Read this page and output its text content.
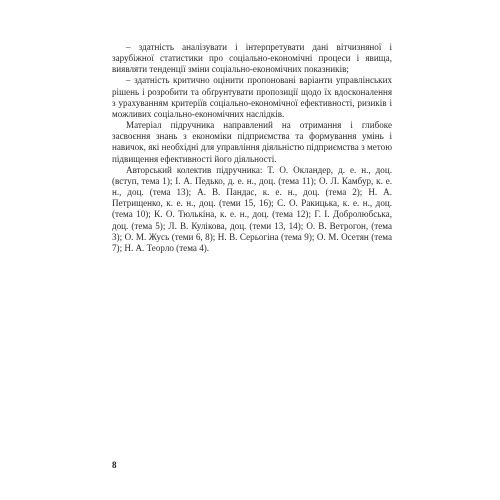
– здатність аналізувати і інтерпретувати дані вітчизняної і зарубіжної статистики про соціально-економічні процеси і явища, виявляти тенденції зміни соціально-економічних показників;

– здатність критично оцінити пропоновані варіанти управлінських рішень і розробити та обґрунтувати пропозиції щодо їх вдосконалення з урахуванням критеріїв соціально-економічної ефективності, ризиків і можливих соціально-економічних наслідків.

Матеріал підручника направлений на отримання і глибоке засвоєння знань з економіки підприємства та формування умінь і навичок, які необхідні для управління діяльністю підприємства з метою підвищення ефективності його діяльності.

Авторський колектив підручника: Т. О. Окландер, д. е. н., доц. (вступ, тема 1); І. А. Педько, д. е. н., доц. (тема 11); О. Л. Камбур, к. е. н., доц. (тема 13); А. В. Пандас, к. е. н., доц. (тема 2); Н. А. Петрищенко, к. е. н., доц. (теми 15, 16); С. О. Ракицька, к. е. н., доц. (тема 10); К. О. Тюлькіна, к. е. н., доц. (тема 12); Г. І. Добролюбська, доц. (тема 5); Л. В. Кулікова, доц. (теми 13, 14); О. В. Ветрогон, (тема 3); О. М. Жусь (теми 6, 8); Н. В. Серьогіна (тема 9); О. М. Осетян (тема 7); Н. А. Теорло (тема 4).

8
